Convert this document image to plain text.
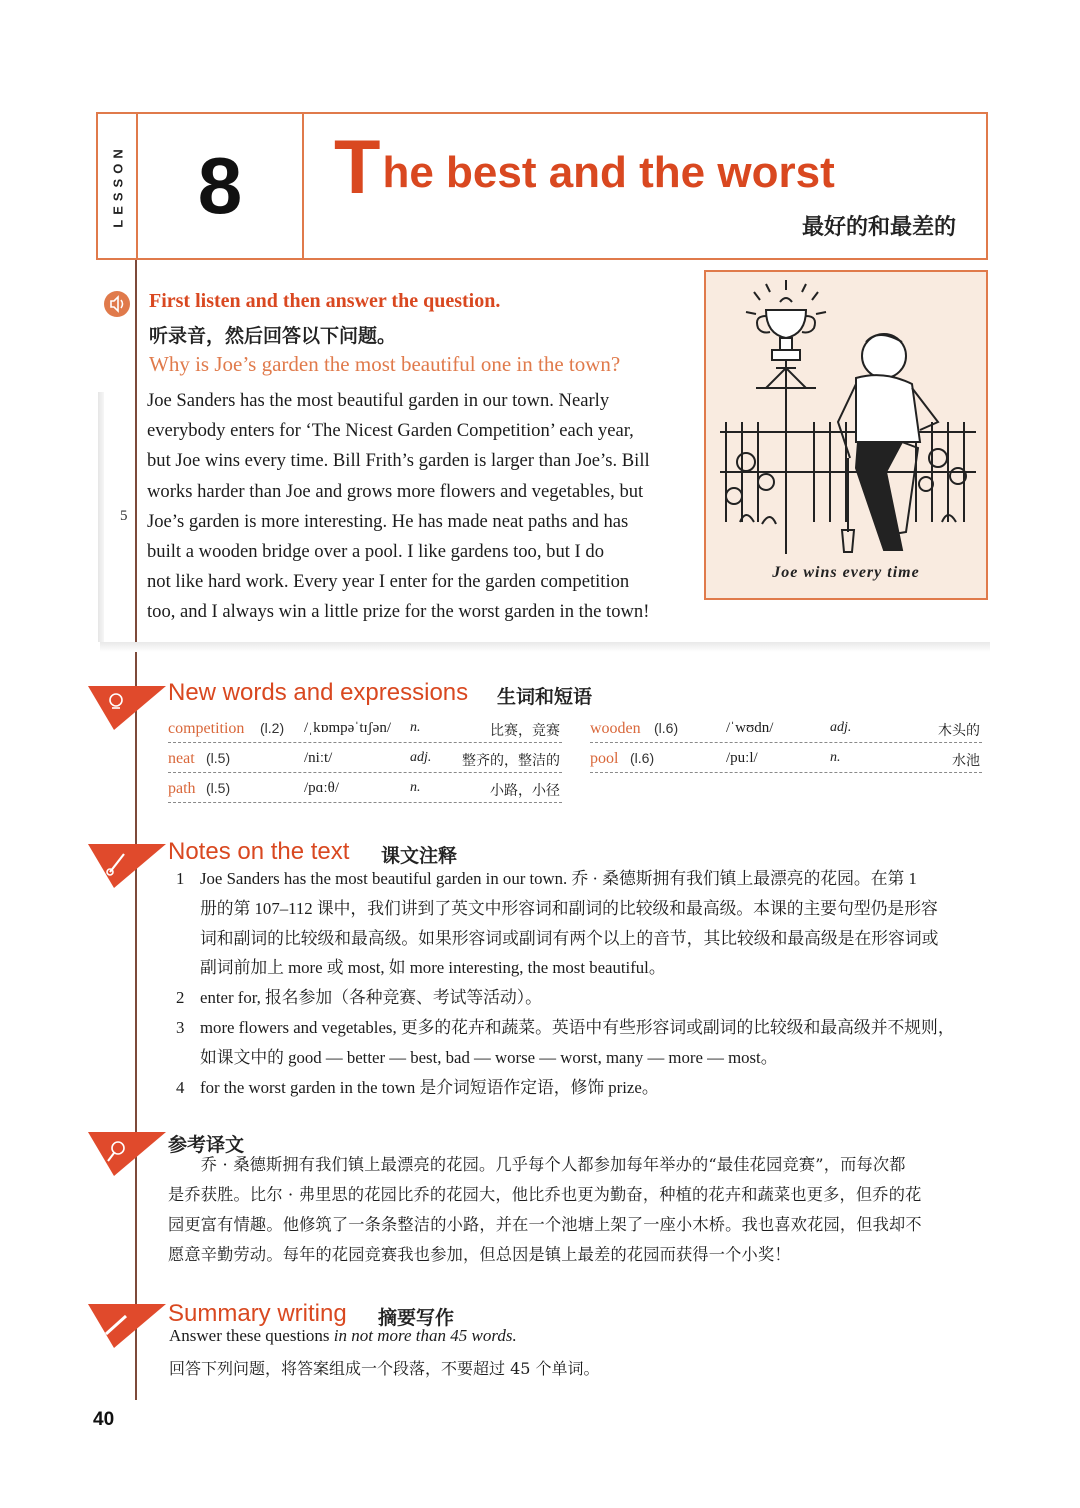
LESSON 8 The best and the worst
最好的和最差的
First listen and then answer the question.
听录音，然后回答以下问题。
Why is Joe’s garden the most beautiful one in the town?
Joe Sanders has the most beautiful garden in our town. Nearly
everybody enters for ‘The Nicest Garden Competition’ each year,
but Joe wins every time. Bill Frith’s garden is larger than Joe’s. Bill
works harder than Joe and grows more flowers and vegetables, but
Joe’s garden is more interesting. He has made neat paths and has
built a wooden bridge over a pool. I like gardens too, but I do
not like hard work. Every year I enter for the garden competition
too, and I always win a little prize for the worst garden in the town!
5
Joe wins every time
New words and expressions 生词和短语
competition (l.2) /ˌkɒmpəˈtɪʃən/ n.	比赛，竞赛
neat (l.5)	/niːt/	adj. 整齐的，整洁的
path (l.5)	/pɑːθ/	n.	小路，小径
wooden (l.6)	/ˈwʊdn/	adj.	木头的
pool (l.6)	/puːl/	n.	水池
Notes on the text 课文注释
1 Joe Sanders has the most beautiful garden in our town. 乔 · 桑德斯拥有我们镇上最漂亮的花园。在第 1
册的第 107–112 课中，我们讲到了英文中形容词和副词的比较级和最高级。本课的主要句型仍是形容
词和副词的比较级和最高级。如果形容词或副词有两个以上的音节，其比较级和最高级是在形容词或
副词前加上 more 或 most, 如 more interesting, the most beautiful。
2 enter for, 报名参加（各种竞赛、考试等活动）。
3 more flowers and vegetables, 更多的花卉和蔬菜。英语中有些形容词或副词的比较级和最高级并不规则，
如课文中的 good — better — best, bad — worse — worst, many — more — most。
4 for the worst garden in the town 是介词短语作定语，修饰 prize。
参考译文
　　乔 · 桑德斯拥有我们镇上最漂亮的花园。几乎每个人都参加每年举办的“最佳花园竞赛”，而每次都
是乔获胜。比尔 · 弗里思的花园比乔的花园大，他比乔也更为勤奋，种植的花卉和蔬菜也更多，但乔的花
园更富有情趣。他修筑了一条条整洁的小路，并在一个池塘上架了一座小木桥。我也喜欢花园，但我却不
愿意辛勤劳动。每年的花园竞赛我也参加，但总因是镇上最差的花园而获得一个小奖！
Summary writing 摘要写作
Answer these questions in not more than 45 words.
回答下列问题，将答案组成一个段落，不要超过 45 个单词。
40
